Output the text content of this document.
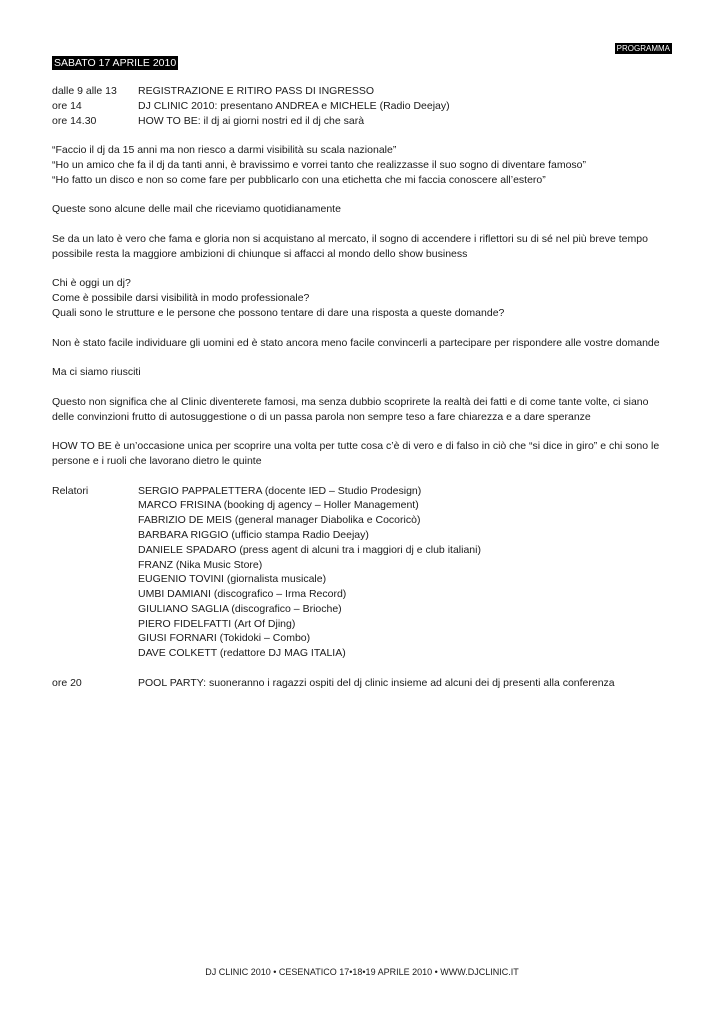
PROGRAMMA
SABATO 17 APRILE 2010
dalle 9 alle 13	REGISTRAZIONE E RITIRO PASS DI INGRESSO
ore 14	DJ CLINIC 2010: presentano ANDREA e MICHELE (Radio Deejay)
ore 14.30	HOW TO BE: il dj ai giorni nostri ed il dj che sarà

“Faccio il dj da 15 anni ma non riesco a darmi visibilità su scala nazionale”

“Ho un amico che fa il dj da tanti anni, è bravissimo e vorrei tanto che realizzasse il suo sogno di diventare famoso”

“Ho fatto un disco e non so come fare per pubblicarlo con una etichetta che mi faccia conoscere all’estero”

Queste sono alcune delle mail che riceviamo quotidianamente

Se da un lato è vero che fama e gloria non si acquistano al mercato, il sogno di accendere i riflettori su di sé nel più breve tempo possibile resta la maggiore ambizioni di chiunque si affacci al mondo dello show business

Chi è oggi un dj?

Come è possibile darsi visibilità in modo professionale?

Quali sono le strutture e le persone che possono tentare di dare una risposta a queste domande?

Non è stato facile individuare gli uomini ed è stato ancora meno facile convincerli a partecipare per rispondere alle vostre domande

Ma ci siamo riusciti

Questo non significa che al Clinic diventerete famosi, ma senza dubbio scoprirete la realtà dei fatti e di come tante volte, ci siano delle convinzioni frutto di autosuggestione o di un passa parola non sempre teso a fare chiarezza e a dare speranze

HOW TO BE è un’occasione unica per scoprire una volta per tutte cosa c’è di vero e di falso in ciò che “si dice in giro” e chi sono le persone e i ruoli che lavorano dietro le quinte

Relatori	SERGIO PAPPALETTERA (docente IED – Studio Prodesign)
MARCO FRISINA (booking dj agency – Holler Management)
FABRIZIO DE MEIS (general manager Diabolika e Cocoricò)
BARBARA RIGGIO (ufficio stampa Radio Deejay)
DANIELE SPADARO (press agent di alcuni tra i maggiori dj e club italiani)
FRANZ (Nika Music Store)
EUGENIO TOVINI (giornalista musicale)
UMBI DAMIANI (discografico – Irma Record)
GIULIANO SAGLIA (discografico – Brioche)
PIERO FIDELFATTI (Art Of Djing)
GIUSI FORNARI (Tokidoki – Combo)
DAVE COLKETT (redattore DJ MAG ITALIA)
ore 20	POOL PARTY: suoneranno i ragazzi ospiti del dj clinic insieme ad alcuni dei dj presenti alla conferenza
DJ CLINIC 2010 • CESENATICO 17•18•19 APRILE 2010 • WWW.DJCLINIC.IT
